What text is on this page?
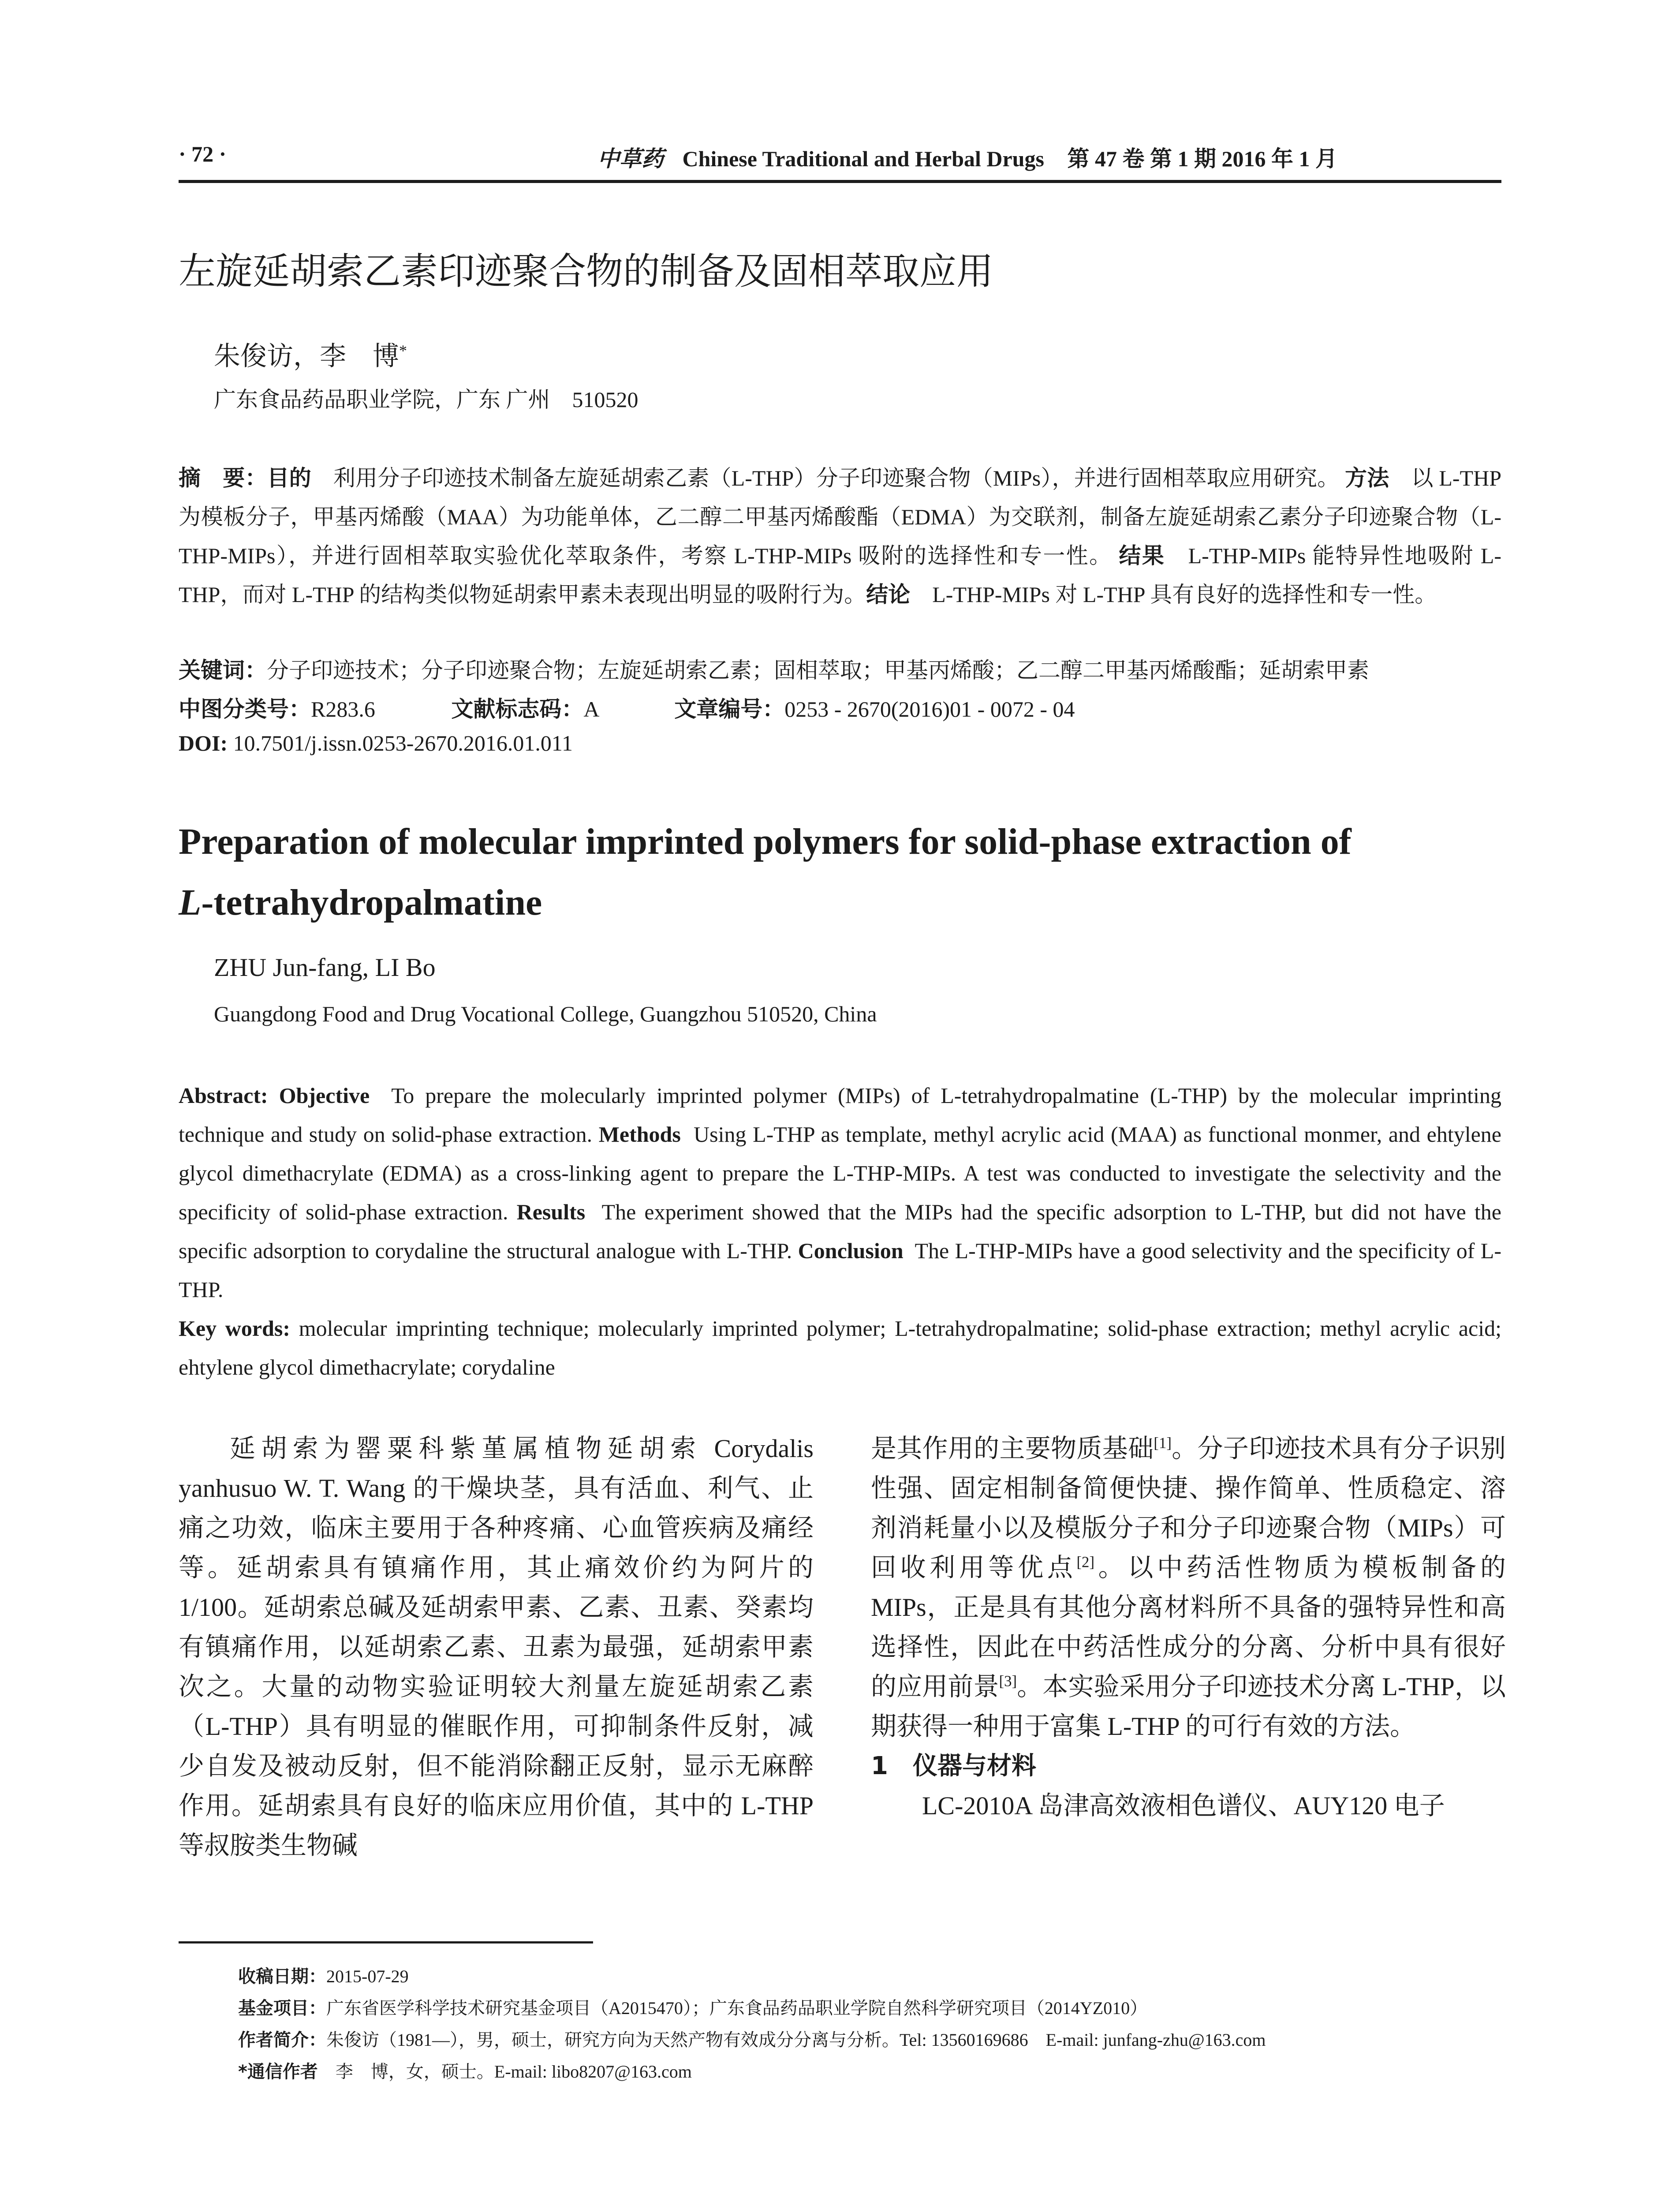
· 72 ·	中草药 Chinese Traditional and Herbal Drugs 第 47 卷 第 1 期 2016 年 1 月
左旋延胡索乙素印迹聚合物的制备及固相萃取应用
朱俊访，李　博*
广东食品药品职业学院，广东 广州　510520
摘　要：目的　利用分子印迹技术制备左旋延胡索乙素（L-THP）分子印迹聚合物（MIPs），并进行固相萃取应用研究。 方法　以 L-THP 为模板分子，甲基丙烯酸（MAA）为功能单体，乙二醇二甲基丙烯酸酯（EDMA）为交联剂，制备左旋延胡索乙素分子印迹聚合物（L-THP-MIPs），并进行固相萃取实验优化萃取条件，考察 L-THP-MIPs 吸附的选择性和专一性。 结果　L-THP-MIPs 能特异性地吸附 L-THP，而对 L-THP 的结构类似物延胡索甲素未表现出明显的吸附行为。结论　L-THP-MIPs 对 L-THP 具有良好的选择性和专一性。
关键词：分子印迹技术；分子印迹聚合物；左旋延胡索乙素；固相萃取；甲基丙烯酸；乙二醇二甲基丙烯酸酯；延胡索甲素
中图分类号：R283.6	文献标志码：A	文章编号：0253 - 2670(2016)01 - 0072 - 04
DOI: 10.7501/j.issn.0253-2670.2016.01.011
Preparation of molecular imprinted polymers for solid-phase extraction of
L-tetrahydropalmatine
ZHU Jun-fang, LI Bo
Guangdong Food and Drug Vocational College, Guangzhou 510520, China
Abstract: Objective To prepare the molecularly imprinted polymer (MIPs) of L-tetrahydropalmatine (L-THP) by the molecular imprinting technique and study on solid-phase extraction. Methods Using L-THP as template, methyl acrylic acid (MAA) as functional monmer, and ehtylene glycol dimethacrylate (EDMA) as a cross-linking agent to prepare the L-THP-MIPs. A test was conducted to investigate the selectivity and the specificity of solid-phase extraction. Results The experiment showed that the MIPs had the specific adsorption to L-THP, but did not have the specific adsorption to corydaline the structural analogue with L-THP. Conclusion The L-THP-MIPs have a good selectivity and the specificity of L-THP.
Key words: molecular imprinting technique; molecularly imprinted polymer; L-tetrahydropalmatine; solid-phase extraction; methyl acrylic acid; ehtylene glycol dimethacrylate; corydaline
延胡索为罂粟科紫堇属植物延胡索 Corydalis yanhusuo W. T. Wang 的干燥块茎，具有活血、利气、止痛之功效，临床主要用于各种疼痛、心血管疾病及痛经等。延胡索具有镇痛作用，其止痛效价约为阿片的 1/100。延胡索总碱及延胡索甲素、乙素、丑素、癸素均有镇痛作用，以延胡索乙素、丑素为最强，延胡索甲素次之。大量的动物实验证明较大剂量左旋延胡索乙素（L-THP）具有明显的催眠作用，可抑制条件反射，减少自发及被动反射，但不能消除翻正反射，显示无麻醉作用。延胡索具有良好的临床应用价值，其中的 L-THP 等叔胺类生物碱
是其作用的主要物质基础[1]。分子印迹技术具有分子识别性强、固定相制备简便快捷、操作简单、性质稳定、溶剂消耗量小以及模版分子和分子印迹聚合物（MIPs）可回收利用等优点[2]。以中药活性物质为模板制备的 MIPs，正是具有其他分离材料所不具备的强特异性和高选择性，因此在中药活性成分的分离、分析中具有很好的应用前景[3]。本实验采用分子印迹技术分离 L-THP，以期获得一种用于富集 L-THP 的可行有效的方法。
1　仪器与材料
LC-2010A 岛津高效液相色谱仪、AUY120 电子
收稿日期：2015-07-29
基金项目：广东省医学科学技术研究基金项目（A2015470）；广东食品药品职业学院自然科学研究项目（2014YZ010）
作者简介：朱俊访（1981—），男，硕士，研究方向为天然产物有效成分分离与分析。Tel: 13560169686　E-mail: junfang-zhu@163.com
*通信作者　李　博，女，硕士。E-mail: libo8207@163.com
